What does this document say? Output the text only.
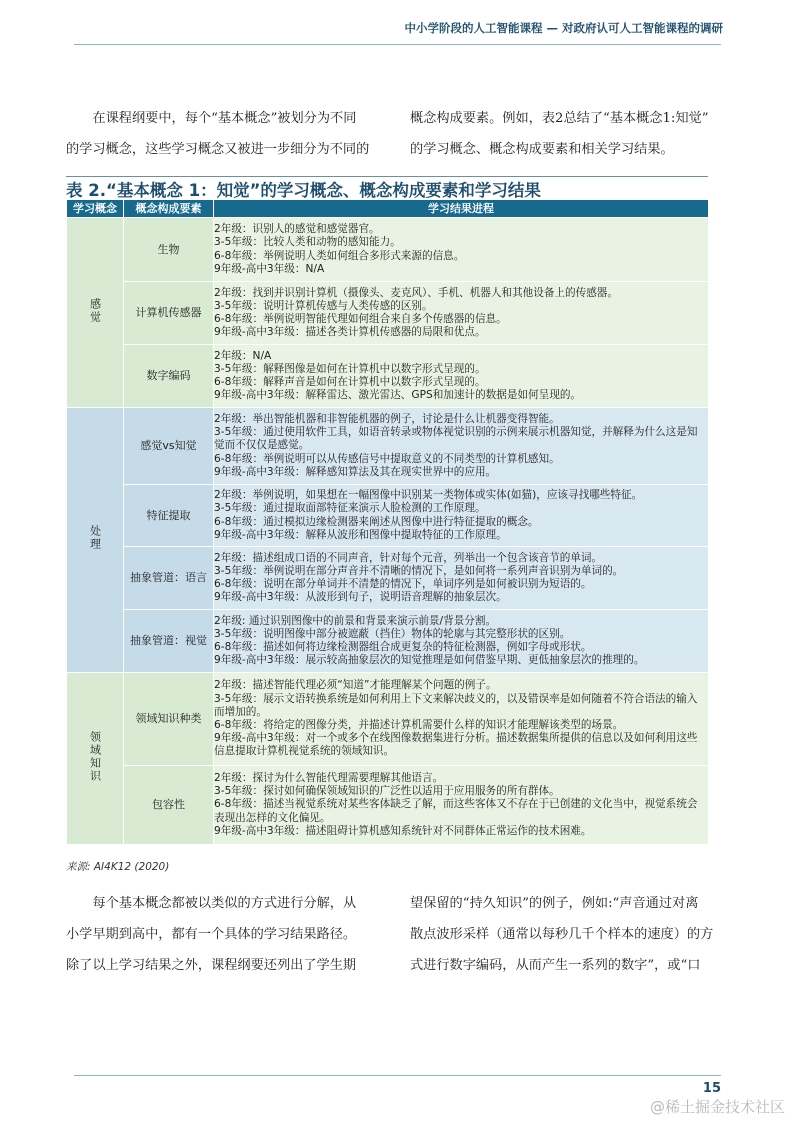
中小学阶段的人工智能课程 — 对政府认可人工智能课程的调研

在课程纲要中，每个“基本概念”被划分为不同

的学习概念，这些学习概念又被进一步细分为不同的

概念构成要素。例如，表2总结了“基本概念1:知觉”

的学习概念、概念构成要素和相关学习结果。

表 2.“基本概念 1：知觉”的学习概念、概念构成要素和学习结果
学习概念	概念构成要素	学习结果进程
感觉	生物	2年级：识别人的感觉和感觉器官。
3-5年级：比较人类和动物的感知能力。
6-8年级：举例说明人类如何组合多形式来源的信息。
9年级-高中3年级：N/A

	计算机传感器	2年级：找到并识别计算机（摄像头、麦克风）、手机、机器人和其他设备上的传感器。
3-5年级：说明计算机传感与人类传感的区别。
6-8年级：举例说明智能代理如何组合来自多个传感器的信息。
9年级-高中3年级：描述各类计算机传感器的局限和优点。

	数字编码	2年级：N/A
3-5年级：解释图像是如何在计算机中以数字形式呈现的。
6-8年级：解释声音是如何在计算机中以数字形式呈现的。
9年级-高中3年级：解释雷达、激光雷达、GPS和加速计的数据是如何呈现的。

处理	感觉vs知觉	2年级：举出智能机器和非智能机器的例子，讨论是什么让机器变得智能。
3-5年级：通过使用软件工具，如语音转录或物体视觉识别的示例来展示机器知觉，并解释为什么这是知觉而不仅仅是感觉。
6-8年级：举例说明可以从传感信号中提取意义的不同类型的计算机感知。
9年级-高中3年级：解释感知算法及其在现实世界中的应用。

	特征提取	2年级：举例说明，如果想在一幅图像中识别某一类物体或实体(如猫)，应该寻找哪些特征。
3-5年级：通过提取面部特征来演示人脸检测的工作原理。
6-8年级：通过模拟边缘检测器来阐述从图像中进行特征提取的概念。
9年级-高中3年级：解释从波形和图像中提取特征的工作原理。

	抽象管道：语言	2年级：描述组成口语的不同声音，针对每个元音，列举出一个包含该音节的单词。
3-5年级：举例说明在部分声音并不清晰的情况下，是如何将一系列声音识别为单词的。
6-8年级：说明在部分单词并不清楚的情况下，单词序列是如何被识别为短语的。
9年级-高中3年级：从波形到句子，说明语音理解的抽象层次。

	抽象管道：视觉	2年级: 通过识别图像中的前景和背景来演示前景/背景分割。
3-5年级：说明图像中部分被遮蔽（挡住）物体的轮廓与其完整形状的区别。
6-8年级：描述如何将边缘检测器组合成更复杂的特征检测器，例如字母或形状。
9年级-高中3年级：展示较高抽象层次的知觉推理是如何借鉴早期、更低抽象层次的推理的。

领域知识	领域知识种类	2年级：描述智能代理必须“知道”才能理解某个问题的例子。
3-5年级：展示文语转换系统是如何利用上下文来解决歧义的，以及错误率是如何随着不符合语法的输入而增加的。
6-8年级：将给定的图像分类，并描述计算机需要什么样的知识才能理解该类型的场景。
9年级-高中3年级：对一个或多个在线图像数据集进行分析。描述数据集所提供的信息以及如何利用这些信息提取计算机视觉系统的领域知识。

	包容性	2年级：探讨为什么智能代理需要理解其他语言。
3-5年级：探讨如何确保领域知识的广泛性以适用于应用服务的所有群体。
6-8年级：描述当视觉系统对某些客体缺乏了解，而这些客体又不存在于已创建的文化当中，视觉系统会表现出怎样的文化偏见。
9年级-高中3年级：描述阻碍计算机感知系统针对不同群体正常运作的技术困难。
来源: AI4K12 (2020)

每个基本概念都被以类似的方式进行分解，从

小学早期到高中，都有一个具体的学习结果路径。

除了以上学习结果之外，课程纲要还列出了学生期

望保留的“持久知识”的例子，例如:“声音通过对离

散点波形采样（通常以每秒几千个样本的速度）的方

式进行数字编码，从而产生一系列的数字”，或“口

15
@稀土掘金技术社区
